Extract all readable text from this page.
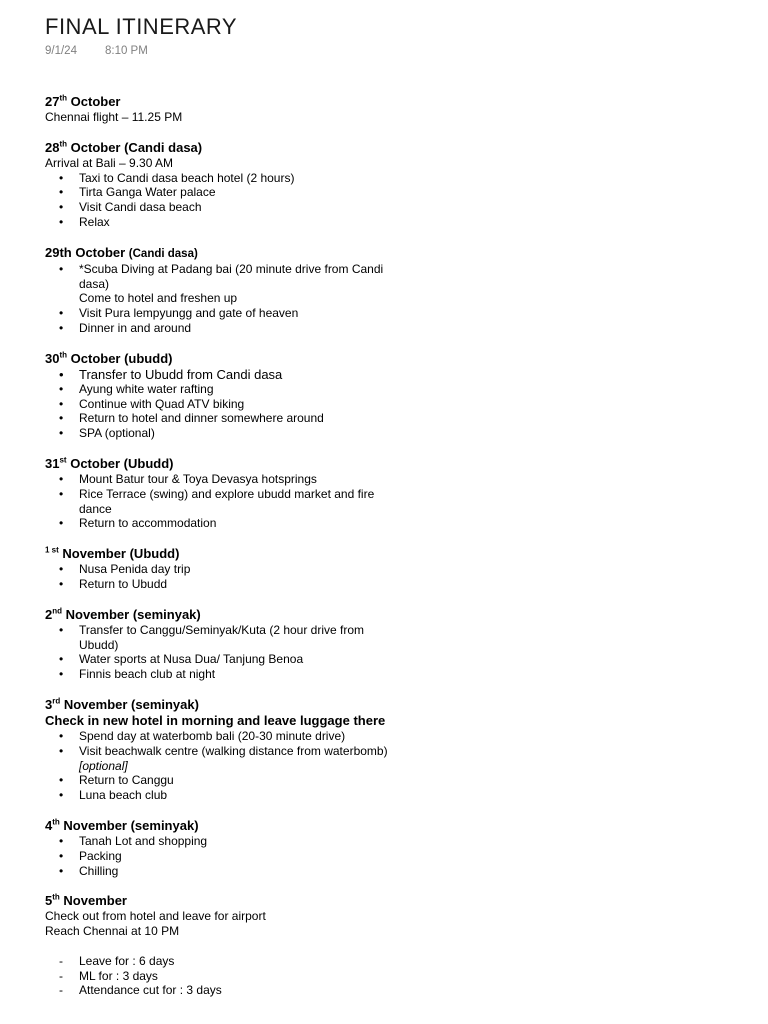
FINAL ITINERARY
9/1/24 8:10 PM
27th October
Chennai flight – 11.25 PM
28th October (Candi dasa)
Arrival at Bali – 9.30 AM
• Taxi to Candi dasa beach hotel (2 hours)
• Tirta Ganga Water palace
• Visit Candi dasa beach
• Relax
29th October (Candi dasa)
• *Scuba Diving at Padang bai (20 minute drive from Candi
dasa)
Come to hotel and freshen up
• Visit Pura lempyungg and gate of heaven
• Dinner in and around
30th October (ubudd)
• Transfer to Ubudd from Candi dasa
• Ayung white water rafting
• Continue with Quad ATV biking
• Return to hotel and dinner somewhere around
• SPA (optional)
31st October (Ubudd)
• Mount Batur tour & Toya Devasya hotsprings
• Rice Terrace (swing) and explore ubudd market and fire
dance
• Return to accommodation
$^{1 st}$ November (Ubudd)
• Nusa Penida day trip
• Return to Ubudd
2nd November (seminyak)
• Transfer to Canggu/Seminyak/Kuta (2 hour drive from
Ubudd)
• Water sports at Nusa Dua/ Tanjung Benoa
• Finnis beach club at night
3rd November (seminyak)
Check in new hotel in morning and leave luggage there
• Spend day at waterbomb bali (20-30 minute drive)
• Visit beachwalk centre (walking distance from waterbomb)
[optional]
• Return to Canggu
• Luna beach club
4th November (seminyak)
• Tanah Lot and shopping
• Packing
• Chilling
5th November
Check out from hotel and leave for airport
Reach Chennai at 10 PM
- Leave for : 6 days
- ML for : 3 days
- Attendance cut for : 3 days
